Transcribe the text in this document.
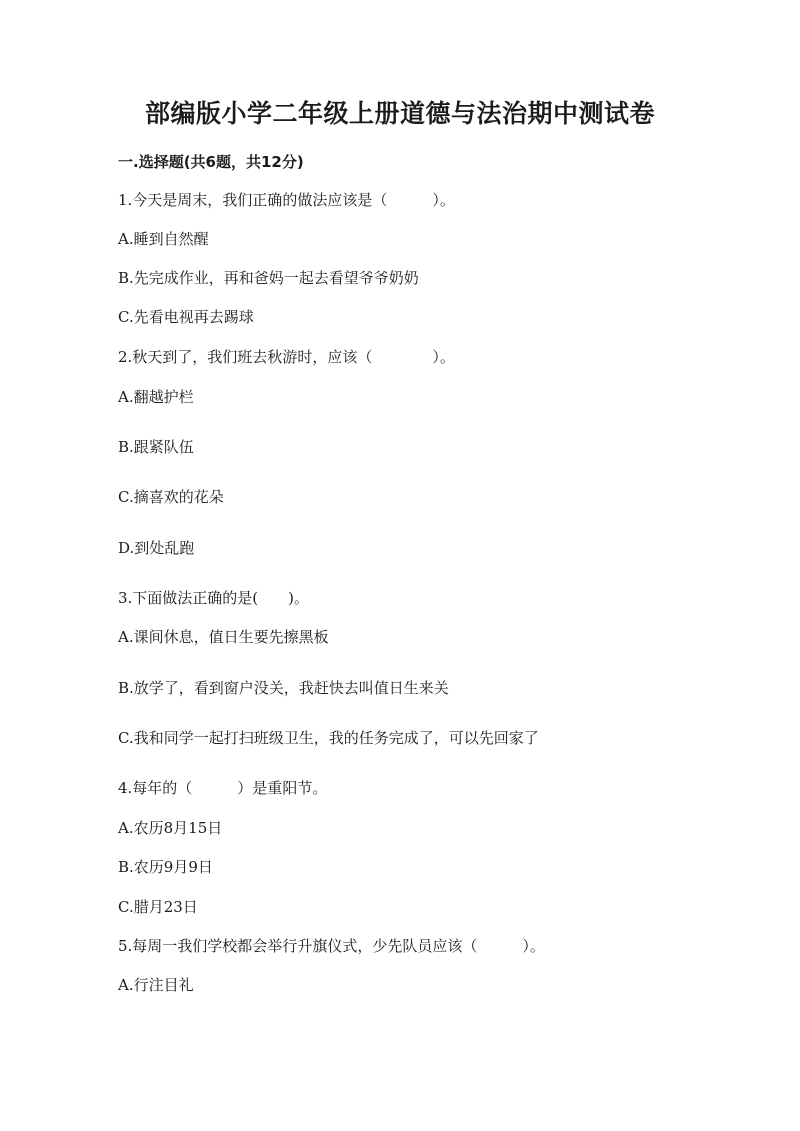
部编版小学二年级上册道德与法治期中测试卷
一.选择题(共6题，共12分)
1.今天是周末，我们正确的做法应该是（　　　）。
A.睡到自然醒
B.先完成作业，再和爸妈一起去看望爷爷奶奶
C.先看电视再去踢球
2.秋天到了，我们班去秋游时，应该（　　　　）。
A.翻越护栏
B.跟紧队伍
C.摘喜欢的花朵
D.到处乱跑
3.下面做法正确的是(　　)。
A.课间休息，值日生要先擦黑板
B.放学了，看到窗户没关，我赶快去叫值日生来关
C.我和同学一起打扫班级卫生，我的任务完成了，可以先回家了
4.每年的（　　　）是重阳节。
A.农历8月15日
B.农历9月9日
C.腊月23日
5.每周一我们学校都会举行升旗仪式，少先队员应该（　　　）。
A.行注目礼
